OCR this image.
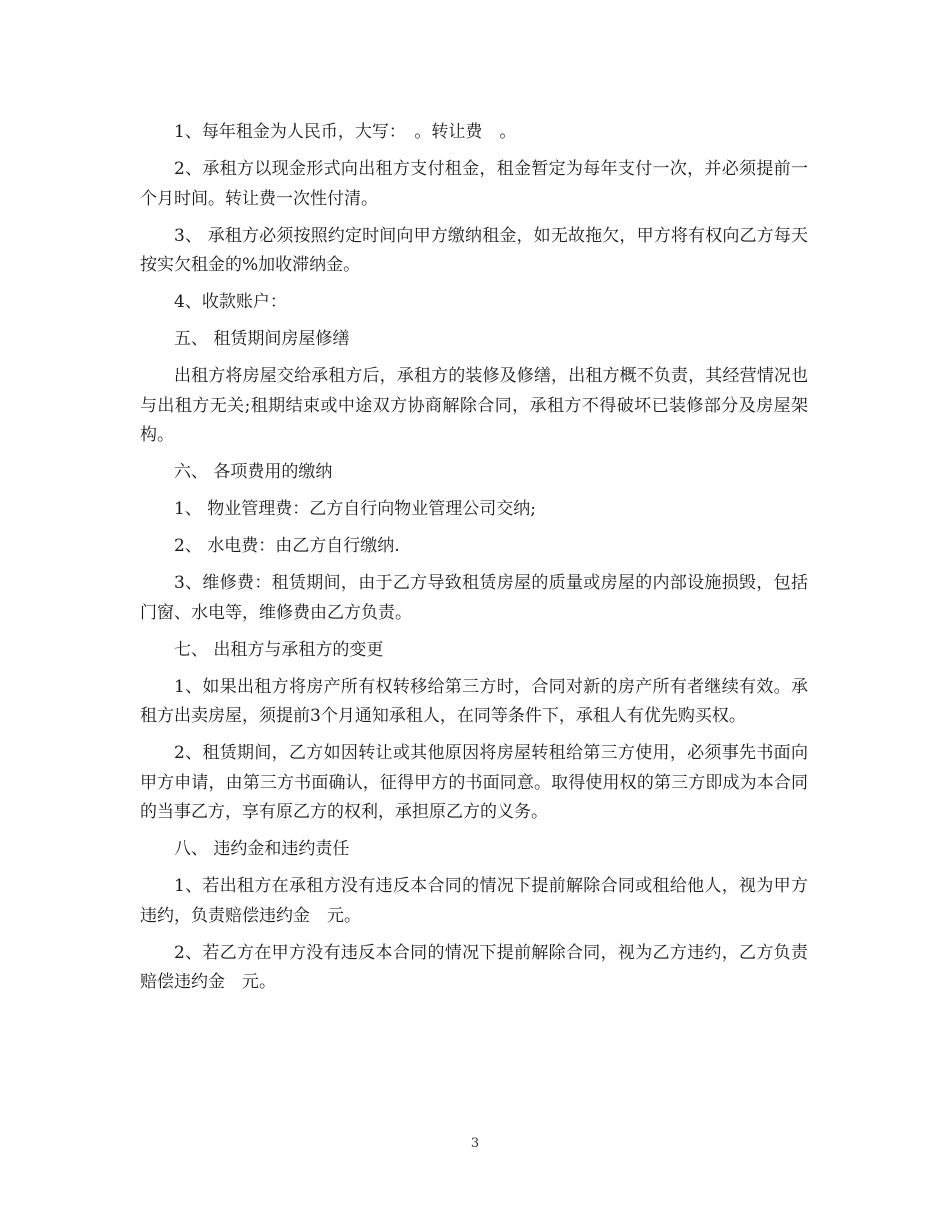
1、每年租金为人民币，大写：　。转让费　。

2、承租方以现金形式向出租方支付租金，租金暂定为每年支付一次，并必须提前一个月时间。转让费一次性付清。

3、 承租方必须按照约定时间向甲方缴纳租金，如无故拖欠，甲方将有权向乙方每天按实欠租金的%加收滞纳金。

4、收款账户：

五、 租赁期间房屋修缮

出租方将房屋交给承租方后，承租方的装修及修缮，出租方概不负责，其经营情况也与出租方无关;租期结束或中途双方协商解除合同，承租方不得破坏已装修部分及房屋架构。

六、 各项费用的缴纳

1、 物业管理费：乙方自行向物业管理公司交纳;

2、 水电费：由乙方自行缴纳.

3、维修费：租赁期间，由于乙方导致租赁房屋的质量或房屋的内部设施损毁，包括门窗、水电等，维修费由乙方负责。

七、 出租方与承租方的变更

1、如果出租方将房产所有权转移给第三方时，合同对新的房产所有者继续有效。承租方出卖房屋，须提前3个月通知承租人，在同等条件下，承租人有优先购买权。

2、租赁期间，乙方如因转让或其他原因将房屋转租给第三方使用，必须事先书面向甲方申请，由第三方书面确认，征得甲方的书面同意。取得使用权的第三方即成为本合同的当事乙方，享有原乙方的权利，承担原乙方的义务。

八、 违约金和违约责任

1、若出租方在承租方没有违反本合同的情况下提前解除合同或租给他人，视为甲方违约，负责赔偿违约金　元。

2、若乙方在甲方没有违反本合同的情况下提前解除合同，视为乙方违约，乙方负责赔偿违约金　元。

3
